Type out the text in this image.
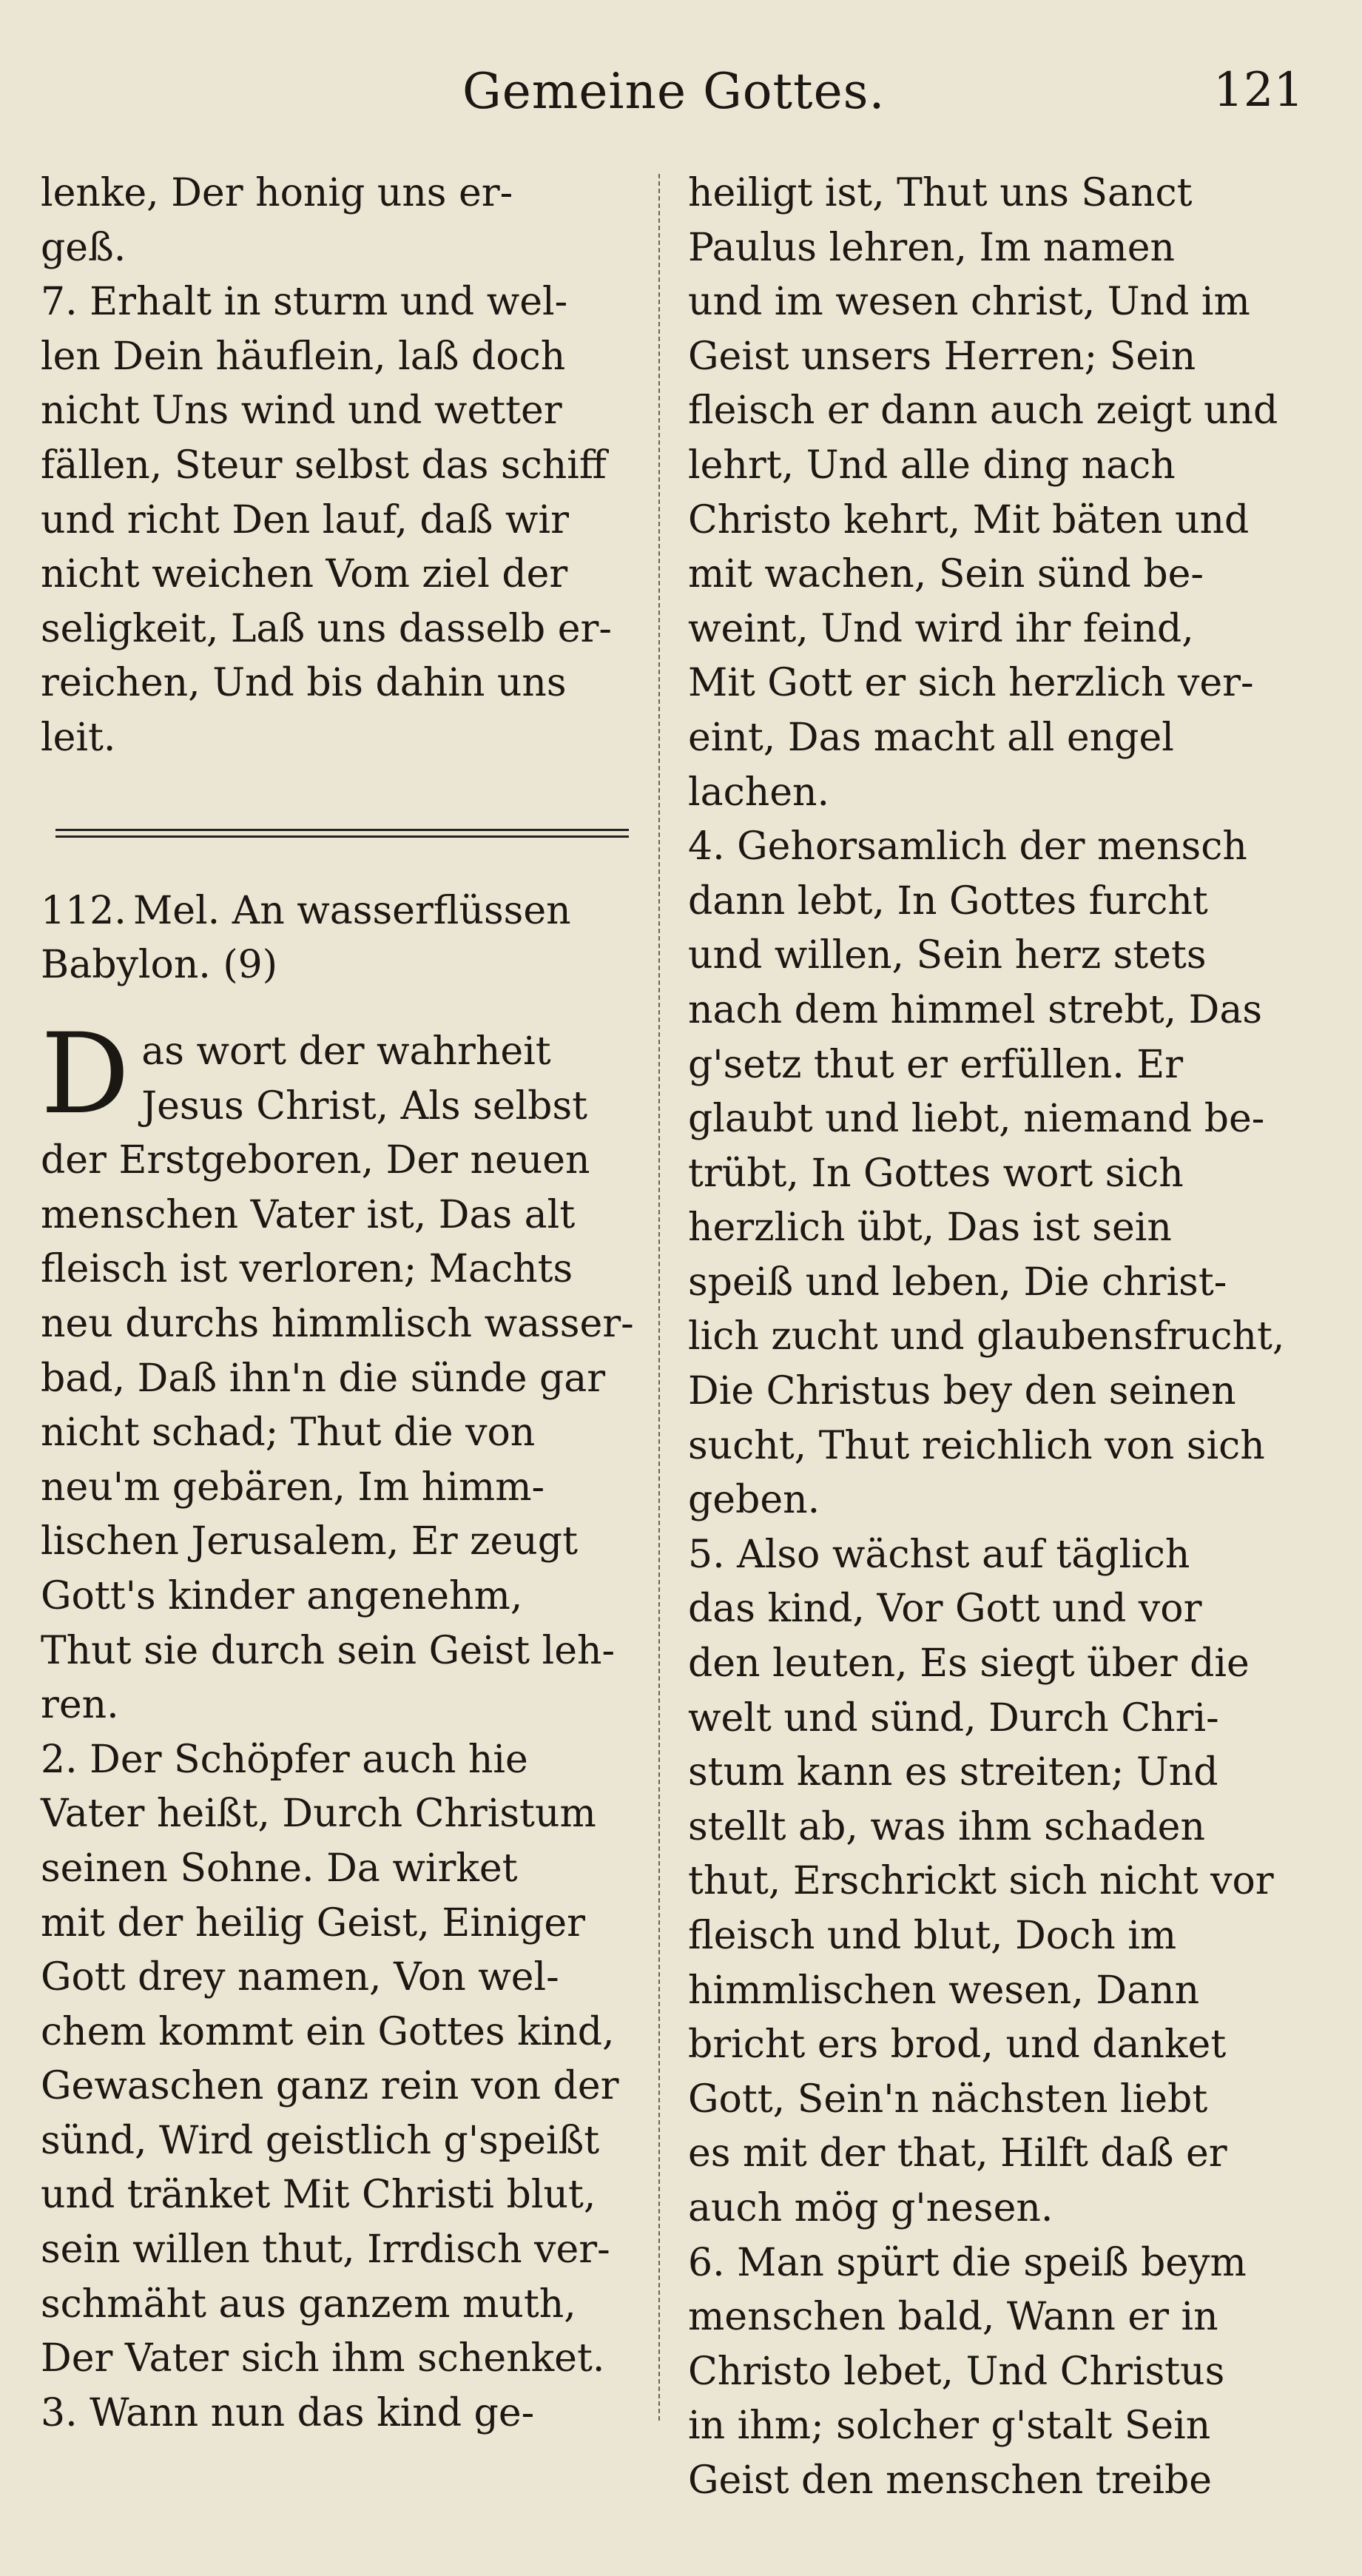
Gemeine Gottes.	121

lenke, Der honig uns er-

geß.

7. Erhalt in sturm und wel-

len Dein häuflein, laß doch

nicht Uns wind und wetter

fällen, Steur selbst das schiff

und richt Den lauf, daß wir

nicht weichen Vom ziel der

seligkeit, Laß uns dasselb er-

reichen, Und bis dahin uns

leit.

112. Mel. An wasserflüssen Babylon. (9)
D as wort der wahrheit

Jesus Christ, Als selbst

der Erstgeboren, Der neuen

menschen Vater ist, Das alt

fleisch ist verloren; Machts

neu durchs himmlisch wasser-

bad, Daß ihn'n die sünde gar

nicht schad; Thut die von

neu'm gebären, Im himm-

lischen Jerusalem, Er zeugt

Gott's kinder angenehm,

Thut sie durch sein Geist leh-

ren.

2. Der Schöpfer auch hie

Vater heißt, Durch Christum

seinen Sohne. Da wirket

mit der heilig Geist, Einiger

Gott drey namen, Von wel-

chem kommt ein Gottes kind,

Gewaschen ganz rein von der

sünd, Wird geistlich g'speißt

und tränket Mit Christi blut,

sein willen thut, Irrdisch ver-

schmäht aus ganzem muth,

Der Vater sich ihm schenket.

3. Wann nun das kind ge-

heiligt ist, Thut uns Sanct

Paulus lehren, Im namen

und im wesen christ, Und im

Geist unsers Herren; Sein

fleisch er dann auch zeigt und

lehrt, Und alle ding nach

Christo kehrt, Mit bäten und

mit wachen, Sein sünd be-

weint, Und wird ihr feind,

Mit Gott er sich herzlich ver-

eint, Das macht all engel

lachen.

4. Gehorsamlich der mensch

dann lebt, In Gottes furcht

und willen, Sein herz stets

nach dem himmel strebt, Das

g'setz thut er erfüllen. Er

glaubt und liebt, niemand be-

trübt, In Gottes wort sich

herzlich übt, Das ist sein

speiß und leben, Die christ-

lich zucht und glaubensfrucht,

Die Christus bey den seinen

sucht, Thut reichlich von sich

geben.

5. Also wächst auf täglich

das kind, Vor Gott und vor

den leuten, Es siegt über die

welt und sünd, Durch Chri-

stum kann es streiten; Und

stellt ab, was ihm schaden

thut, Erschrickt sich nicht vor

fleisch und blut, Doch im

himmlischen wesen, Dann

bricht ers brod, und danket

Gott, Sein'n nächsten liebt

es mit der that, Hilft daß er

auch mög g'nesen.

6. Man spürt die speiß beym

menschen bald, Wann er in

Christo lebet, Und Christus

in ihm; solcher g'stalt Sein

Geist den menschen treibe
